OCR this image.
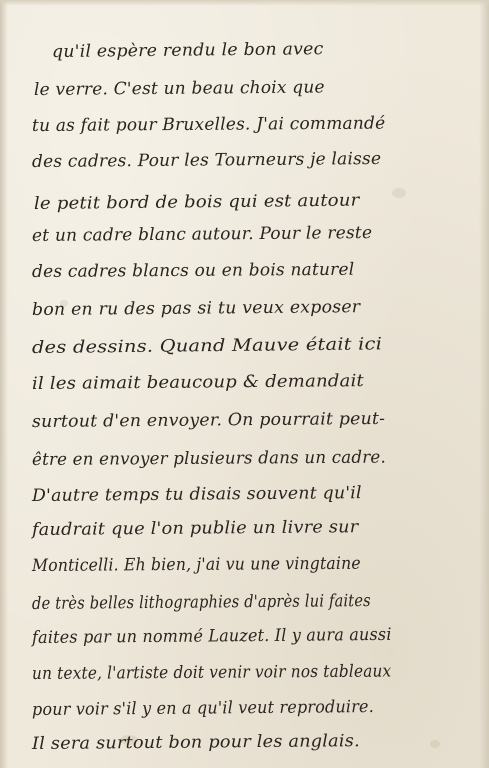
qu'il espère rendu le bon avec
le verre. C'est un beau choix que
tu as fait pour Bruxelles. J'ai commandé
des cadres. Pour les Tourneurs je laisse
le petit bord de bois qui est autour
et un cadre blanc autour. Pour le reste
des cadres blancs ou en bois naturel
bon en ru des pas si tu veux exposer
des dessins. Quand Mauve était ici
il les aimait beaucoup & demandait
surtout d'en envoyer. On pourrait peut-
être en envoyer plusieurs dans un cadre.
D'autre temps tu disais souvent qu'il
faudrait que l'on publie un livre sur
Monticelli. Eh bien, j'ai vu une vingtaine
de très belles lithographies d'après lui faites
faites par un nommé Lauzet. Il y aura aussi
un texte, l'artiste doit venir voir nos tableaux
pour voir s'il y en a qu'il veut reproduire.
Il sera surtout bon pour les anglais.
